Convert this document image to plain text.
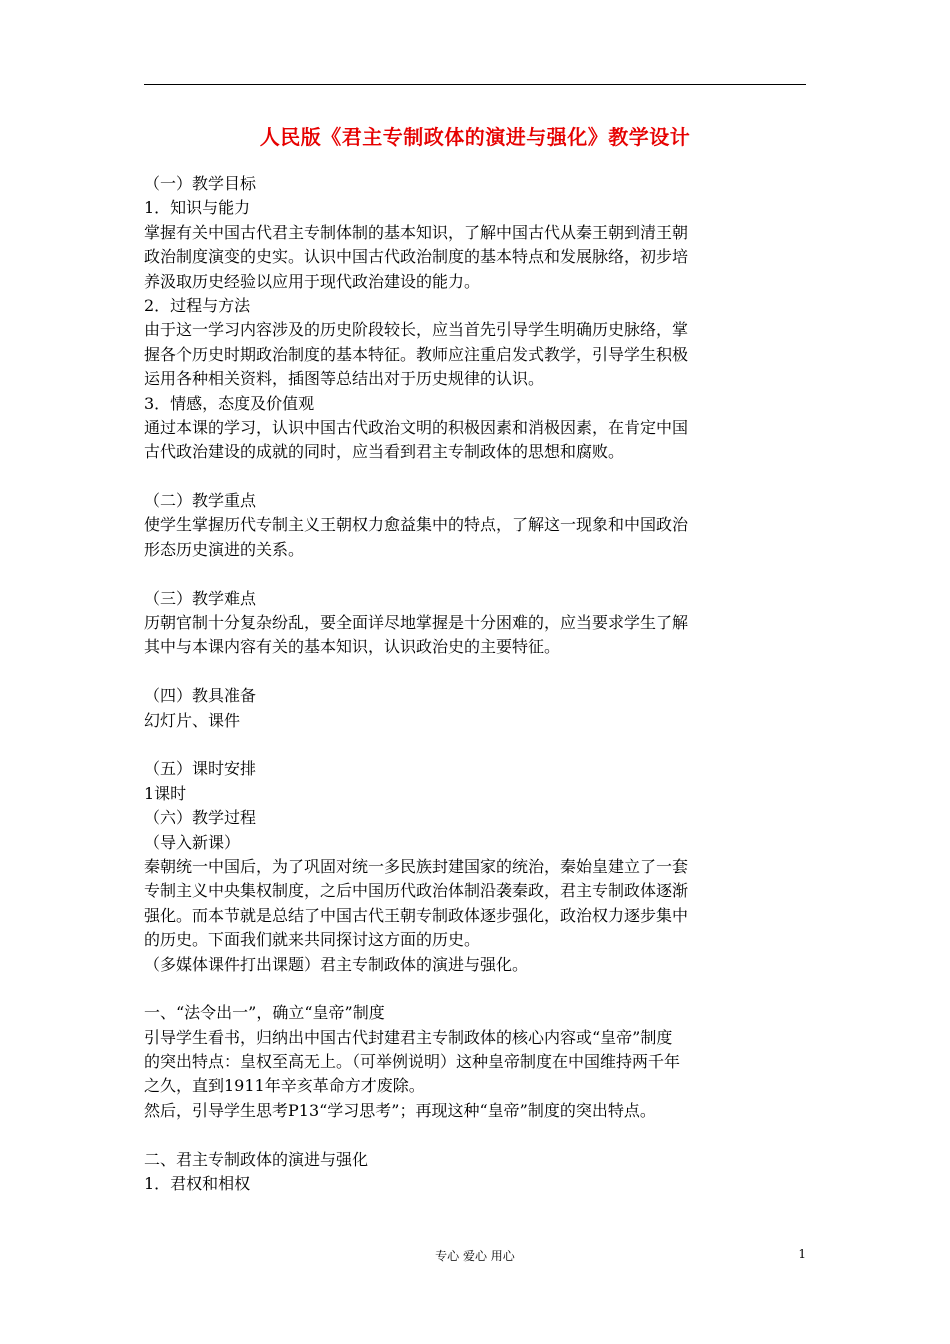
人民版《君主专制政体的演进与强化》教学设计
（一）教学目标
1．知识与能力
掌握有关中国古代君主专制体制的基本知识，了解中国古代从秦王朝到清王朝
政治制度演变的史实。认识中国古代政治制度的基本特点和发展脉络，初步培
养汲取历史经验以应用于现代政治建设的能力。
2．过程与方法
由于这一学习内容涉及的历史阶段较长，应当首先引导学生明确历史脉络，掌
握各个历史时期政治制度的基本特征。教师应注重启发式教学，引导学生积极
运用各种相关资料，插图等总结出对于历史规律的认识。
3．情感，态度及价值观
通过本课的学习，认识中国古代政治文明的积极因素和消极因素，在肯定中国
古代政治建设的成就的同时，应当看到君主专制政体的思想和腐败。
（二）教学重点
使学生掌握历代专制主义王朝权力愈益集中的特点，了解这一现象和中国政治
形态历史演进的关系。
（三）教学难点
历朝官制十分复杂纷乱，要全面详尽地掌握是十分困难的，应当要求学生了解
其中与本课内容有关的基本知识，认识政治史的主要特征。
（四）教具准备
幻灯片、课件
（五）课时安排
1课时
（六）教学过程
（导入新课）
秦朝统一中国后，为了巩固对统一多民族封建国家的统治，秦始皇建立了一套
专制主义中央集权制度，之后中国历代政治体制沿袭秦政，君主专制政体逐渐
强化。而本节就是总结了中国古代王朝专制政体逐步强化，政治权力逐步集中
的历史。下面我们就来共同探讨这方面的历史。
（多媒体课件打出课题）君主专制政体的演进与强化。
一、“法令出一”，确立“皇帝”制度
引导学生看书，归纳出中国古代封建君主专制政体的核心内容或“皇帝”制度
的突出特点：皇权至高无上。（可举例说明）这种皇帝制度在中国维持两千年
之久，直到1911年辛亥革命方才废除。
然后，引导学生思考P13“学习思考”；再现这种“皇帝”制度的突出特点。
二、君主专制政体的演进与强化
1．君权和相权
专心 爱心 用心	1
